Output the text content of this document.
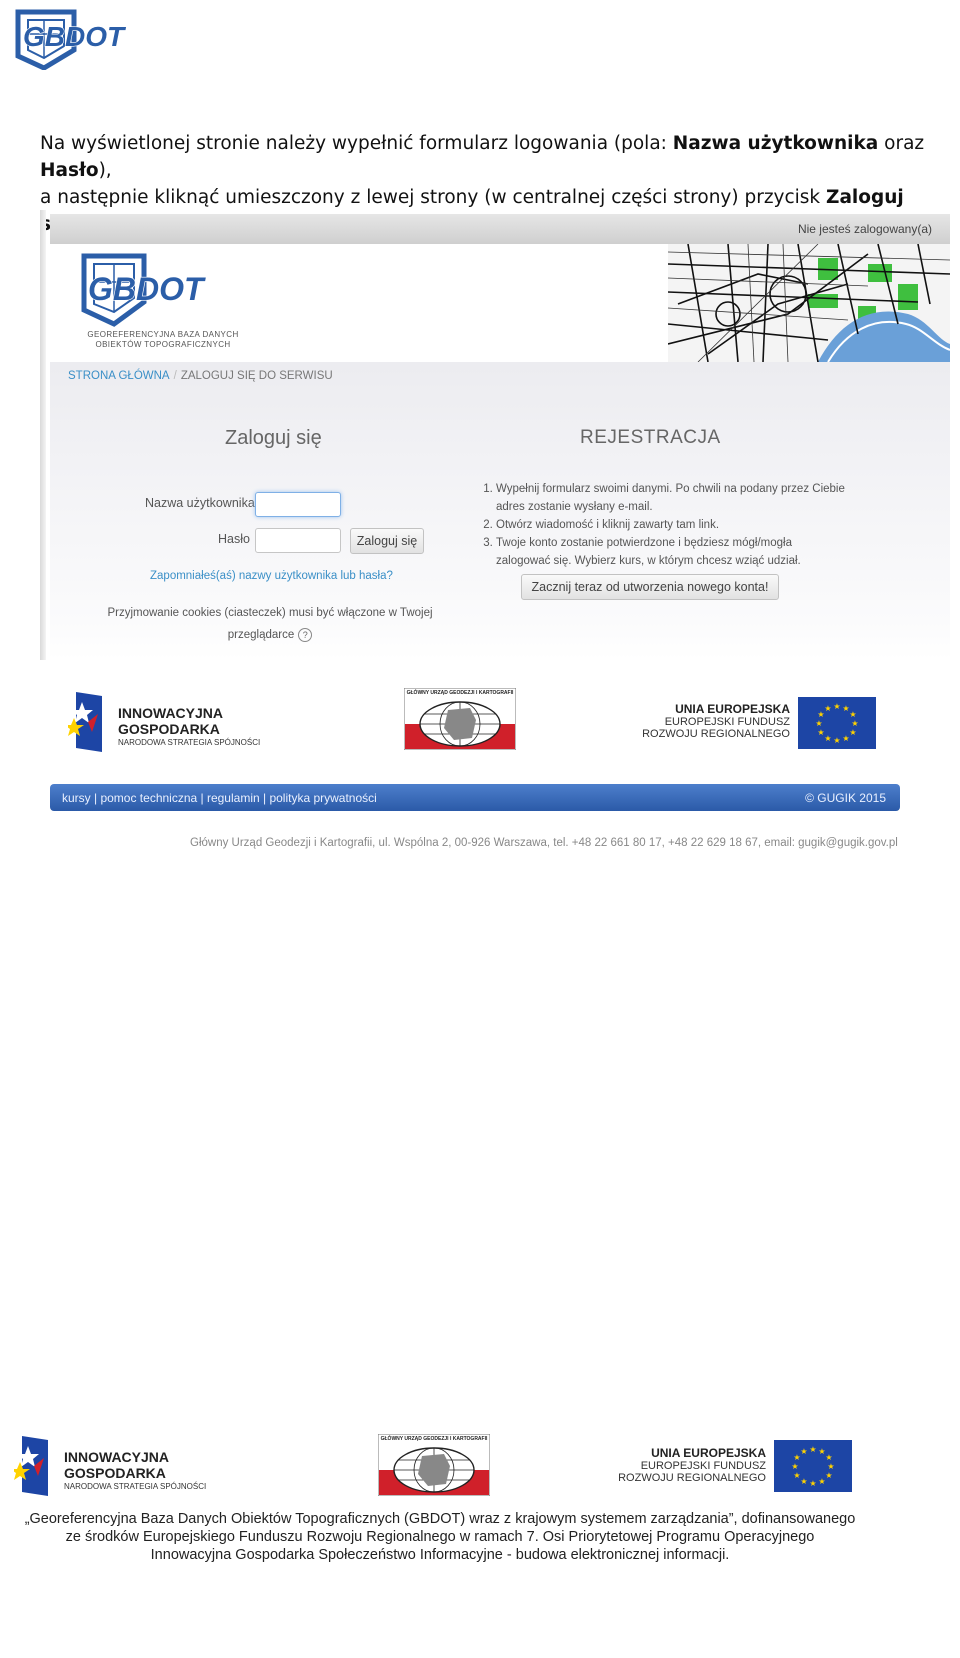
GBDOT
Na wyświetlonej stronie należy wypełnić formularz logowania (pola: Nazwa użytkownika oraz Hasło),
a następnie kliknąć umieszczony z lewej strony (w centralnej części strony) przycisk Zaloguj
Nie jesteś zalogowany(a)
GBDOT
GEOREFERENCYJNA BAZA DANYCH
OBIEKTÓW TOPOGRAFICZNYCH
STRONA GŁÓWNA / ZALOGUJ SIĘ DO SERWISU
Zaloguj się
Nazwa użytkownika
Hasło	Zaloguj się
Zapomniałeś(aś) nazwy użytkownika lub hasła?
Przyjmowanie cookies (ciasteczek) musi być włączone w Twojej przeglądarce ?
REJESTRACJA
1. Wypełnij formularz swoimi danymi. Po chwili na podany przez Ciebie adres zostanie wysłany e-mail.
2. Otwórz wiadomość i kliknij zawarty tam link.
3. Twoje konto zostanie potwierdzone i będziesz mógł/mogła zalogować się. Wybierz kurs, w którym chcesz wziąć udział.
Zacznij teraz od utworzenia nowego konta!
INNOWACYJNA
GOSPODARKA
NARODOWA STRATEGIA SPÓJNOŚCI
GŁÓWNY URZĄD GEODEZJI I KARTOGRAFII
UNIA EUROPEJSKA
EUROPEJSKI FUNDUSZ
ROZWOJU REGIONALNEGO
★ ★
★
★
★
★
★
★
★
★
★
★
kursy | pomoc techniczna | regulamin | polityka prywatności	© GUGIK 2015
Główny Urząd Geodezji i Kartografii, ul. Wspólna 2, 00-926 Warszawa, tel. +48 22 661 80 17, +48 22 629 18 67, email: gugik@gugik.gov.pl
INNOWACYJNA
GOSPODARKA
NARODOWA STRATEGIA SPÓJNOŚCI
GŁÓWNY URZĄD GEODEZJI I KARTOGRAFII
UNIA EUROPEJSKA
EUROPEJSKI FUNDUSZ
ROZWOJU REGIONALNEGO
★ ★
★
★
★
★
★
★
★
★
★
★
„Georeferencyjna Baza Danych Obiektów Topograficznych (GBDOT) wraz z krajowym systemem zarządzania”, dofinansowanego
ze środków Europejskiego Funduszu Rozwoju Regionalnego w ramach 7. Osi Priorytetowej Programu Operacyjnego
Innowacyjna Gospodarka Społeczeństwo Informacyjne - budowa elektronicznej informacji.
